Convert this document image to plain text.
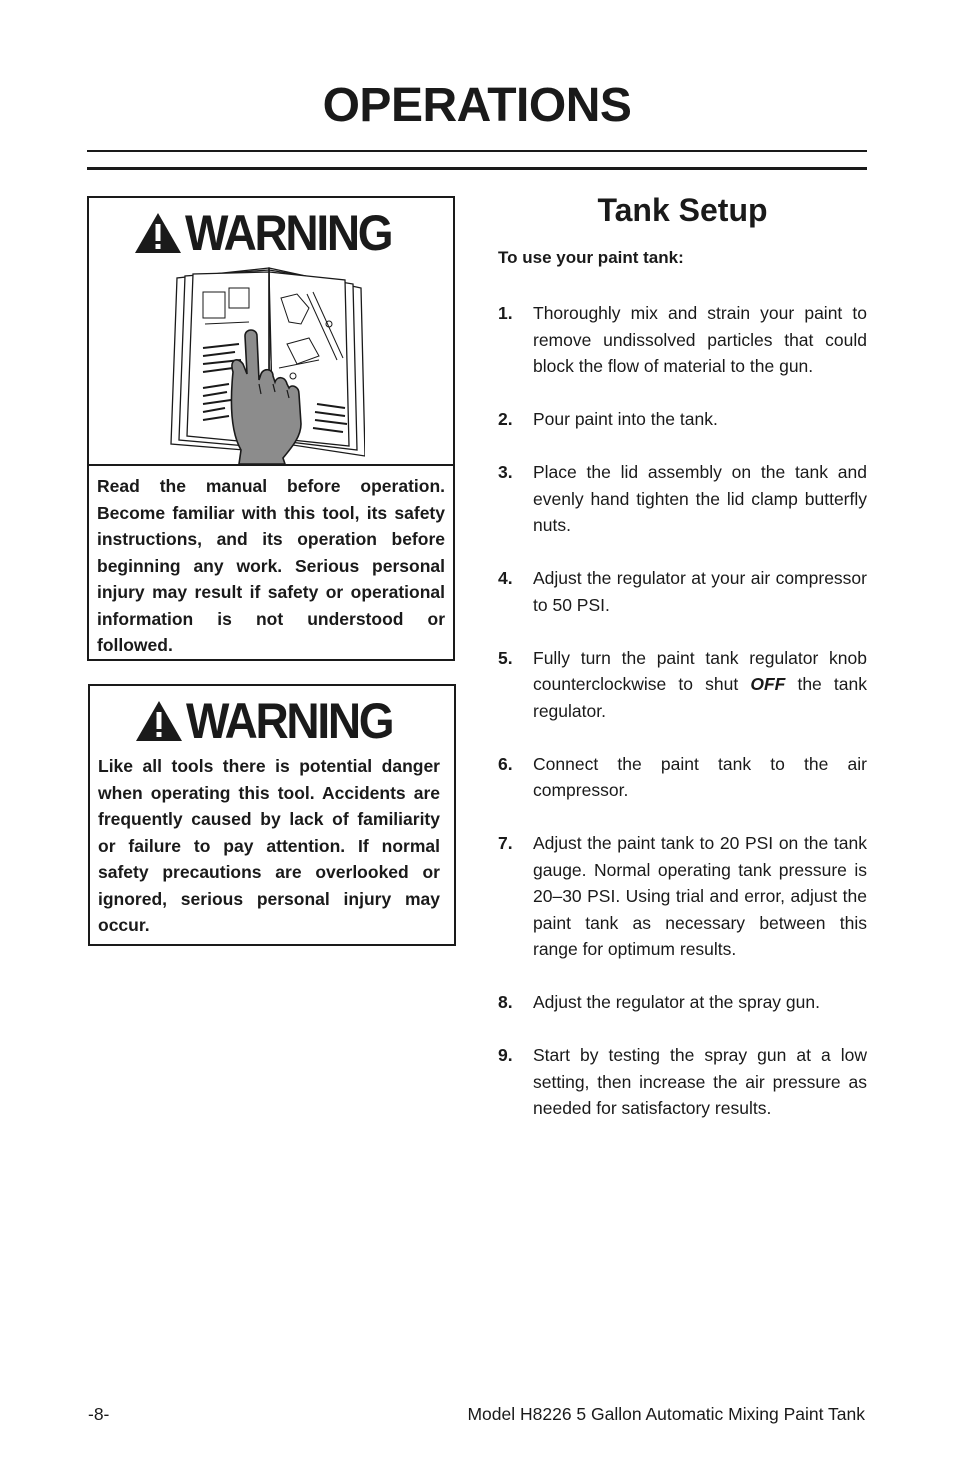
OPERATIONS
WARNING

Read the manual before operation. Become familiar with this tool, its safety instructions, and its operation before beginning any work. Serious personal injury may result if safety or operational information is not understood or followed.

WARNING

Like all tools there is potential danger when operating this tool. Accidents are frequently caused by lack of familiarity or failure to pay attention. If normal safety precautions are overlooked or ignored, serious personal injury may occur.

Tank Setup

To use your paint tank:

1. Thoroughly mix and strain your paint to remove undissolved particles that could block the flow of material to the gun.
2. Pour paint into the tank.
3. Place the lid assembly on the tank and evenly hand tighten the lid clamp butterfly nuts.
4. Adjust the regulator at your air compressor to 50 PSI.
5. Fully turn the paint tank regulator knob counterclockwise to shut OFF the tank regulator.
6. Connect the paint tank to the air compressor.
7. Adjust the paint tank to 20 PSI on the tank gauge. Normal operating tank pressure is 20–30 PSI. Using trial and error, adjust the paint tank as necessary between this range for optimum results.
8. Adjust the regulator at the spray gun.
9. Start by testing the spray gun at a low setting, then increase the air pressure as needed for satisfactory results.

-8-	Model H8226 5 Gallon Automatic Mixing Paint Tank
